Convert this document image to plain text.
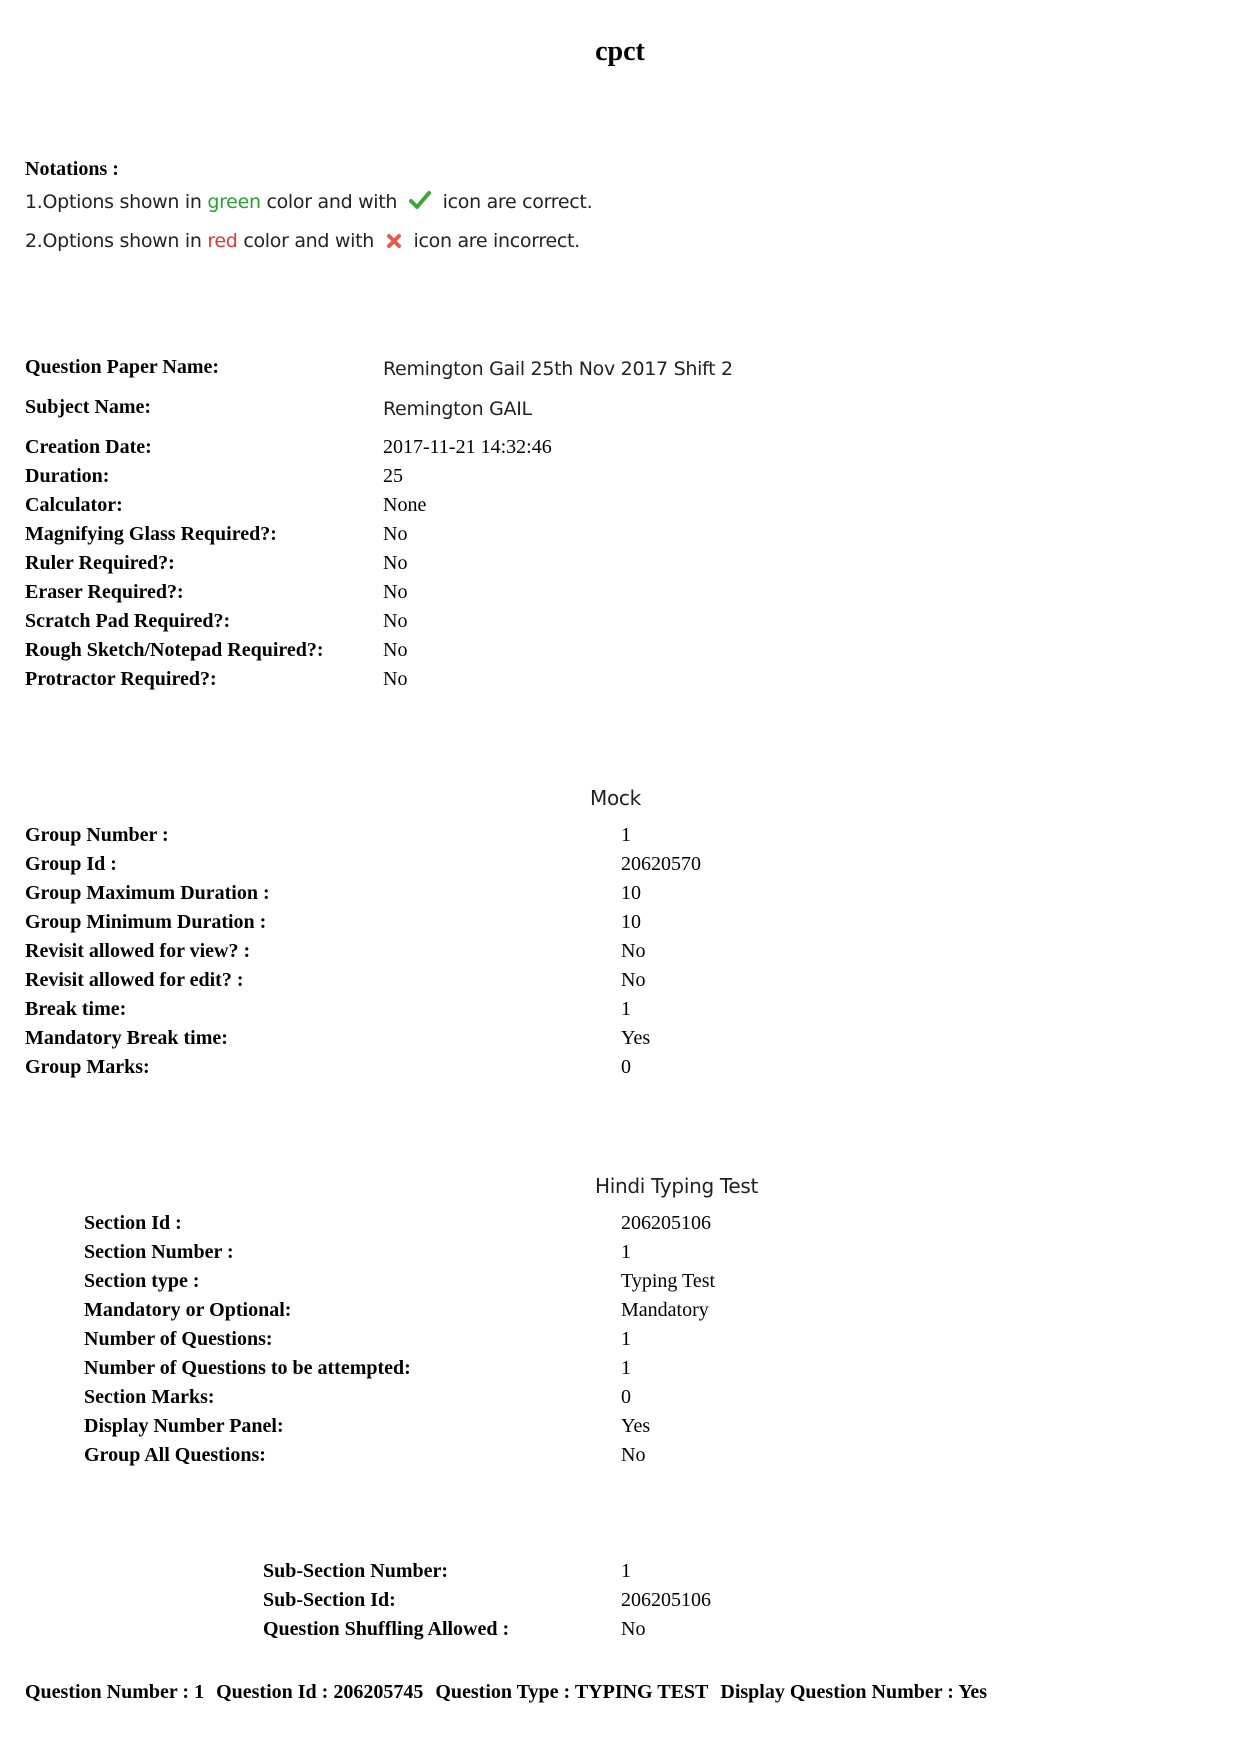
cpct
Notations :
1.Options shown in green color and with  icon are correct.
2.Options shown in red color and with  icon are incorrect.
Question Paper Name:	Remington Gail 25th Nov 2017 Shift 2
Subject Name:	Remington GAIL
Creation Date:	2017-11-21 14:32:46
Duration:	25
Calculator:	None
Magnifying Glass Required?:	No
Ruler Required?:	No
Eraser Required?:	No
Scratch Pad Required?:	No
Rough Sketch/Notepad Required?:	No
Protractor Required?:	No
Mock
Group Number :	1
Group Id :	20620570
Group Maximum Duration :	10
Group Minimum Duration :	10
Revisit allowed for view? :	No
Revisit allowed for edit? :	No
Break time:	1
Mandatory Break time:	Yes
Group Marks:	0
Hindi Typing Test
Section Id :	206205106
Section Number :	1
Section type :	Typing Test
Mandatory or Optional:	Mandatory
Number of Questions:	1
Number of Questions to be attempted:	1
Section Marks:	0
Display Number Panel:	Yes
Group All Questions:	No
Sub-Section Number:	1
Sub-Section Id:	206205106
Question Shuffling Allowed :	No
Question Number : 1 Question Id : 206205745 Question Type : TYPING TEST Display Question Number : Yes
